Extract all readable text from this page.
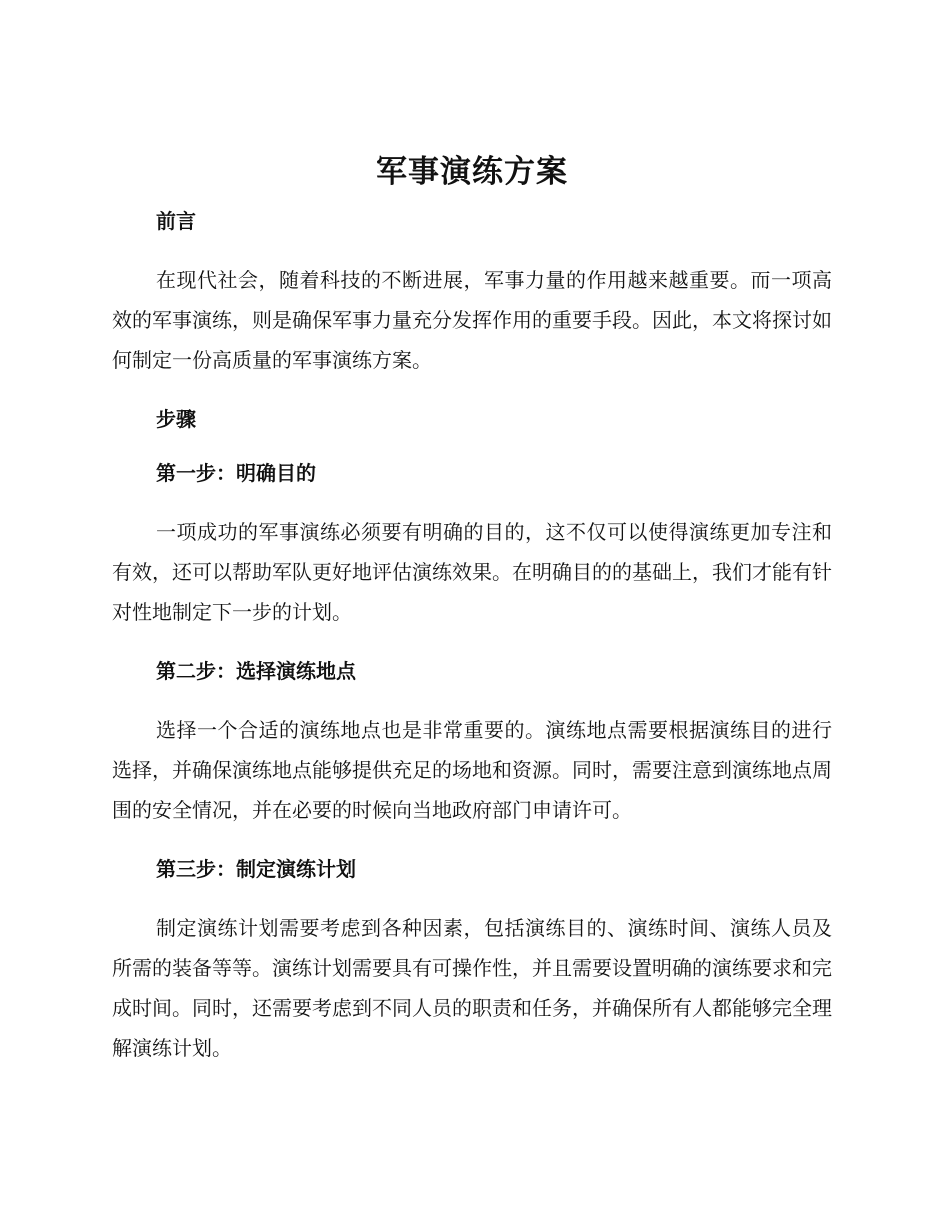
军事演练方案
前言

在现代社会，随着科技的不断进展，军事力量的作用越来越重要。而一项高效的军事演练，则是确保军事力量充分发挥作用的重要手段。因此，本文将探讨如何制定一份高质量的军事演练方案。

步骤
第一步：明确目的

一项成功的军事演练必须要有明确的目的，这不仅可以使得演练更加专注和有效，还可以帮助军队更好地评估演练效果。在明确目的的基础上，我们才能有针对性地制定下一步的计划。

第二步：选择演练地点

选择一个合适的演练地点也是非常重要的。演练地点需要根据演练目的进行选择，并确保演练地点能够提供充足的场地和资源。同时，需要注意到演练地点周围的安全情况，并在必要的时候向当地政府部门申请许可。

第三步：制定演练计划

制定演练计划需要考虑到各种因素，包括演练目的、演练时间、演练人员及所需的装备等等。演练计划需要具有可操作性，并且需要设置明确的演练要求和完成时间。同时，还需要考虑到不同人员的职责和任务，并确保所有人都能够完全理解演练计划。
